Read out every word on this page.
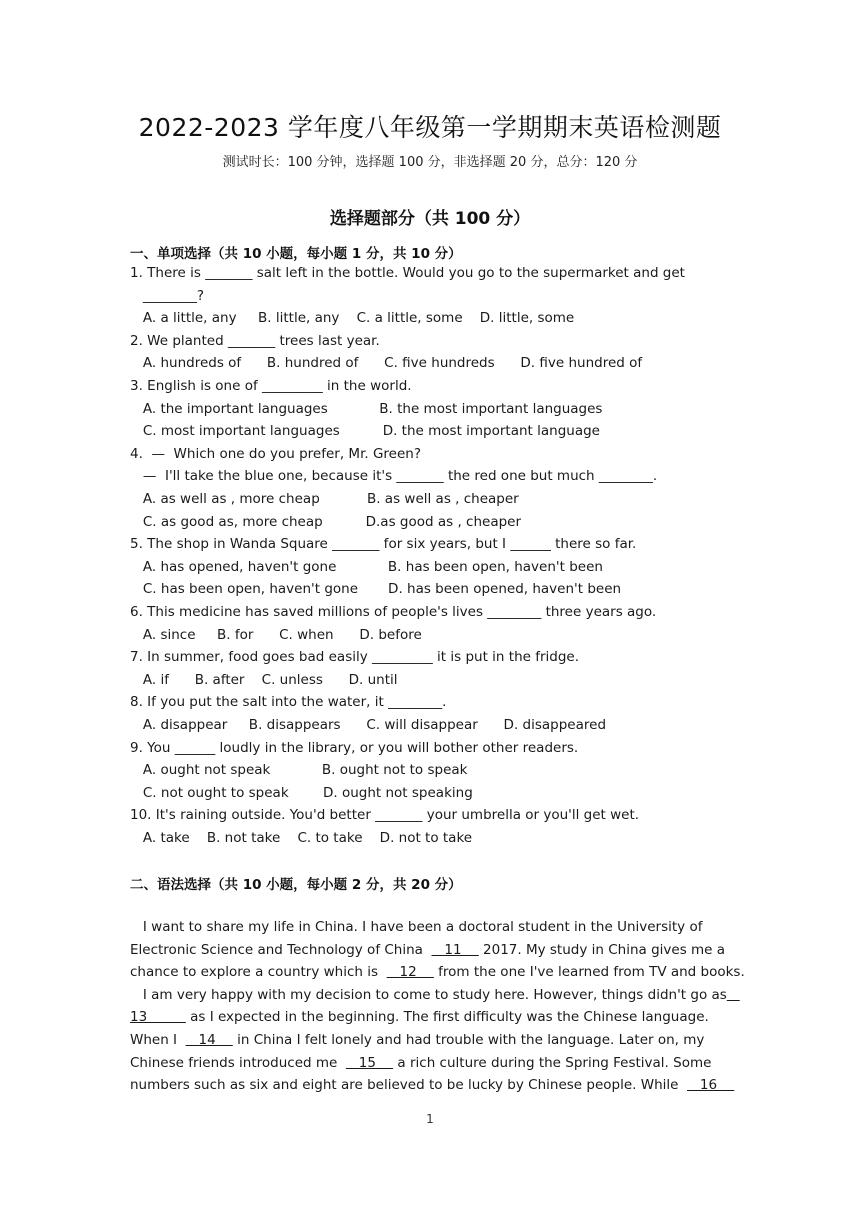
2022-2023 学年度八年级第一学期期末英语检测题
测试时长：100 分钟，选择题 100 分，非选择题 20 分，总分：120 分
选择题部分（共 100 分）
一、单项选择（共 10 小题，每小题 1 分，共 10 分）
1. There is _______ salt left in the bottle. Would you go to the supermarket and get
________?
A. a little, any     B. little, any    C. a little, some    D. little, some
2. We planted _______ trees last year.
A. hundreds of      B. hundred of      C. five hundreds      D. five hundred of
3. English is one of _________ in the world.
A. the important languages            B. the most important languages
C. most important languages          D. the most important language
4.  —  Which one do you prefer, Mr. Green?
—  I'll take the blue one, because it's _______ the red one but much ________.
A. as well as , more cheap           B. as well as , cheaper
C. as good as, more cheap          D.as good as , cheaper
5. The shop in Wanda Square _______ for six years, but I ______ there so far.
A. has opened, haven't gone            B. has been open, haven't been
C. has been open, haven't gone       D. has been opened, haven't been
6. This medicine has saved millions of people's lives ________ three years ago.
A. since     B. for      C. when      D. before
7. In summer, food goes bad easily _________ it is put in the fridge.
A. if      B. after    C. unless      D. until
8. If you put the salt into the water, it ________.
A. disappear     B. disappears      C. will disappear      D. disappeared
9. You ______ loudly in the library, or you will bother other readers.
A. ought not speak            B. ought not to speak
C. not ought to speak        D. ought not speaking
10. It's raining outside. You'd better _______ your umbrella or you'll get wet.
A. take    B. not take    C. to take    D. not to take
二、语法选择（共 10 小题，每小题 2 分，共 20 分）
I want to share my life in China. I have been a doctoral student in the University of
Electronic Science and Technology of China     11     2017. My study in China gives me a
chance to explore a country which is     12     from the one I've learned from TV and books.
I am very happy with my decision to come to study here. However, things didn't go as
13          as I expected in the beginning. The first difficulty was the Chinese language.
When I     14     in China I felt lonely and had trouble with the language. Later on, my
Chinese friends introduced me     15     a rich culture during the Spring Festival. Some
numbers such as six and eight are believed to be lucky by Chinese people. While     16
1
